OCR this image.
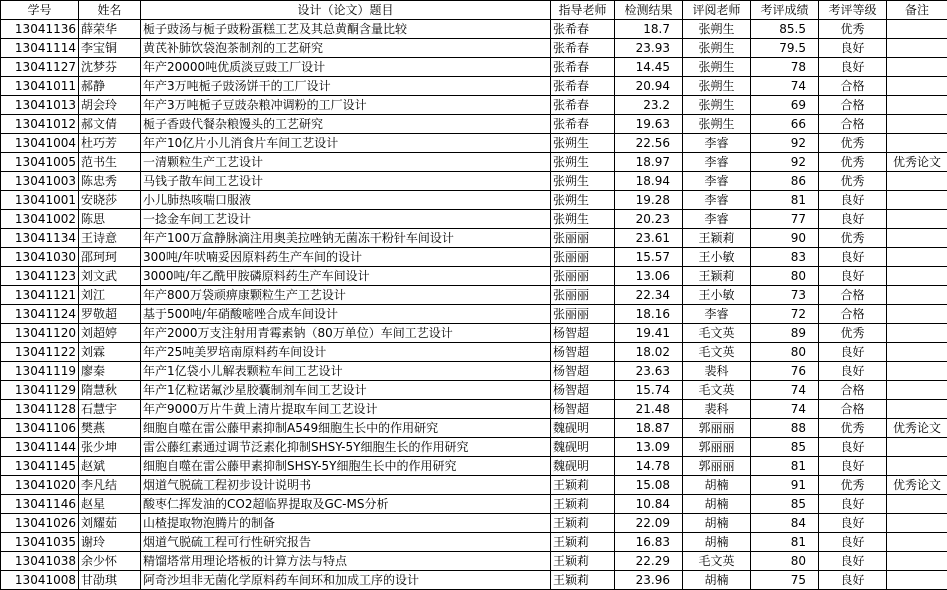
学号	姓名	设计（论文）题目	指导老师	检测结果	评阅老师	考评成绩	考评等级	备注
13041136	薛荣华	栀子豉汤与栀子豉粉蛋糕工艺及其总黄酮含量比较	张希春	18.7	张朔生	85.5	优秀	
13041114	李宝铜	黄芪补肺饮袋泡茶制剂的工艺研究	张希春	23.93	张朔生	79.5	良好	
13041127	沈梦芬	年产20000吨优质淡豆豉工厂设计	张希春	14.45	张朔生	78	良好	
13041011	郝静	年产3万吨栀子豉汤饼干的工厂设计	张希春	20.94	张朔生	74	合格	
13041013	胡会玲	年产3万吨栀子豆豉杂粮冲调粉的工厂设计	张希春	23.2	张朔生	69	合格	
13041012	郝文倩	栀子香豉代餐杂粮馒头的工艺研究	张希春	19.63	张朔生	66	合格	
13041004	杜巧芳	年产10亿片小儿消食片车间工艺设计	张朔生	22.56	李睿	92	优秀	
13041005	范书生	一清颗粒生产工艺设计	张朔生	18.97	李睿	92	优秀	优秀论文
13041003	陈忠秀	马钱子散车间工艺设计	张朔生	18.94	李睿	86	优秀	
13041001	安晓莎	小儿肺热咳喘口服液	张朔生	19.28	李睿	81	良好	
13041002	陈思	一捻金车间工艺设计	张朔生	20.23	李睿	77	良好	
13041134	王诗意	年产100万盒静脉滴注用奥美拉唑钠无菌冻干粉针车间设计	张丽丽	23.61	王颖莉	90	优秀	
13041030	邵珂珂	300吨/年吠喃妥因原料药生产车间的设计	张丽丽	15.57	王小敏	83	良好	
13041123	刘文武	3000吨/年乙酰甲胺磷原料药生产车间设计	张丽丽	13.06	王颖莉	80	良好	
13041121	刘江	年产800万袋顽痹康颗粒生产工艺设计	张丽丽	22.34	王小敏	73	合格	
13041124	罗敬超	基于500吨/年硝酸嘧唑合成车间设计	张丽丽	18.16	李睿	72	合格	
13041120	刘超婷	年产2000万支注射用青霉素钠（80万单位）车间工艺设计	杨智超	19.41	毛文英	89	优秀	
13041122	刘霖	年产25吨美罗培南原料药车间设计	杨智超	18.02	毛文英	80	良好	
13041119	廖秦	年产1亿袋小儿解表颗粒车间工艺设计	杨智超	23.63	裴科	76	良好	
13041129	隋慧秋	年产1亿粒诺氟沙星胶囊制剂车间工艺设计	杨智超	15.74	毛文英	74	合格	
13041128	石慧宇	年产9000万片牛黄上清片提取车间工艺设计	杨智超	21.48	裴科	74	合格	
13041106	樊燕	细胞自噬在雷公藤甲素抑制A549细胞生长中的作用研究	魏砚明	18.87	郭丽丽	88	优秀	优秀论文
13041144	张少坤	雷公藤红素通过调节泛素化抑制SHSY-5Y细胞生长的作用研究	魏砚明	13.09	郭丽丽	85	良好	
13041145	赵斌	细胞自噬在雷公藤甲素抑制SHSY-5Y细胞生长中的作用研究	魏砚明	14.78	郭丽丽	81	良好	
13041020	李凡结	烟道气脱硫工程初步设计说明书	王颖莉	15.08	胡楠	91	优秀	优秀论文
13041146	赵星	酸枣仁挥发油的CO2超临界提取及GC-MS分析	王颖莉	10.84	胡楠	85	良好	
13041026	刘耀茹	山楂提取物泡腾片的制备	王颖莉	22.09	胡楠	84	良好	
13041035	谢玲	烟道气脱硫工程可行性研究报告	王颖莉	16.83	胡楠	81	良好	
13041038	余少怀	精馏塔常用理论塔板的计算方法与特点	王颖莉	22.29	毛文英	80	良好	
13041008	甘劭琪	阿奇沙坦非无菌化学原料药车间环和加成工序的设计	王颖莉	23.96	胡楠	75	良好	
